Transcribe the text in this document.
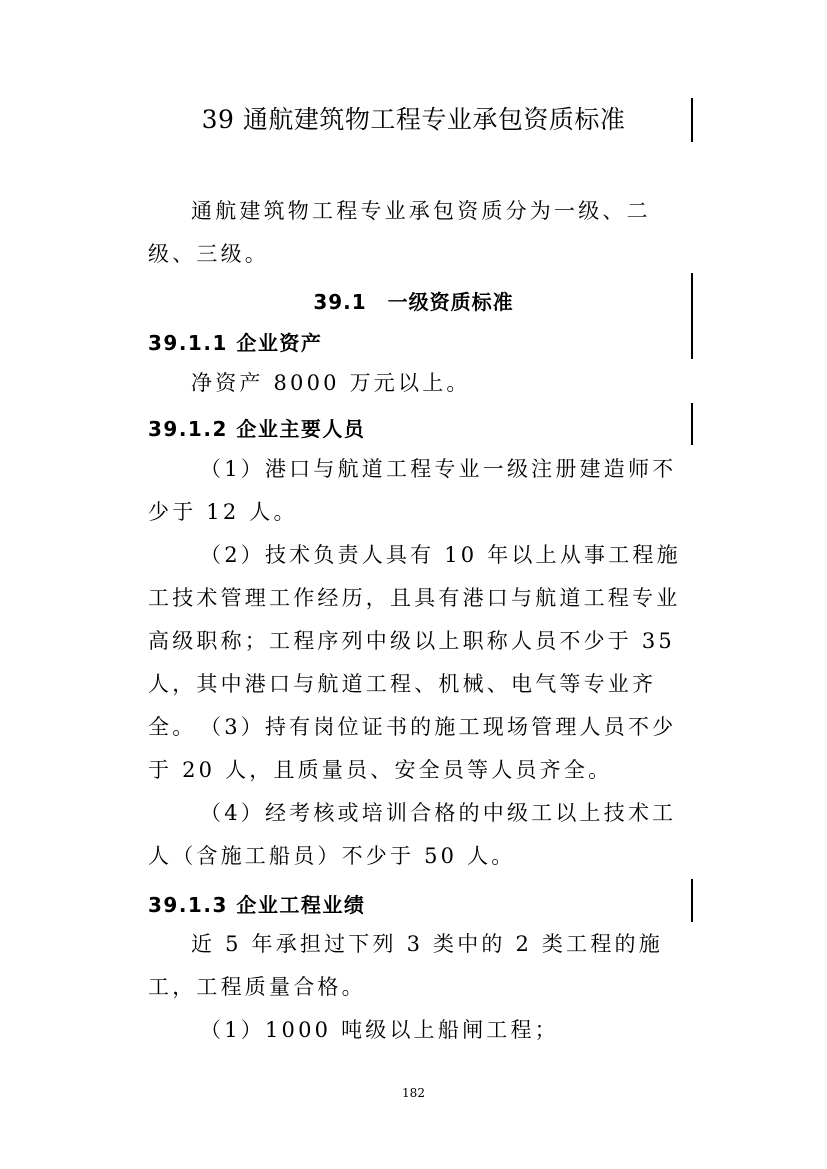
39 通航建筑物工程专业承包资质标准

通航建筑物工程专业承包资质分为一级、二级、三级。

39.1　一级资质标准
39.1.1 企业资产

净资产 8000 万元以上。

39.1.2 企业主要人员

（1）港口与航道工程专业一级注册建造师不少于 12 人。

（2）技术负责人具有 10 年以上从事工程施工技术管理工作经历，且具有港口与航道工程专业高级职称；工程序列中级以上职称人员不少于 35 人，其中港口与航道工程、机械、电气等专业齐全。 （3）持有岗位证书的施工现场管理人员不少于 20 人，且质量员、安全员等人员齐全。

（4）经考核或培训合格的中级工以上技术工人（含施工船员）不少于 50 人。

39.1.3 企业工程业绩

近 5 年承担过下列 3 类中的 2 类工程的施工，工程质量合格。

（1）1000 吨级以上船闸工程；

182
